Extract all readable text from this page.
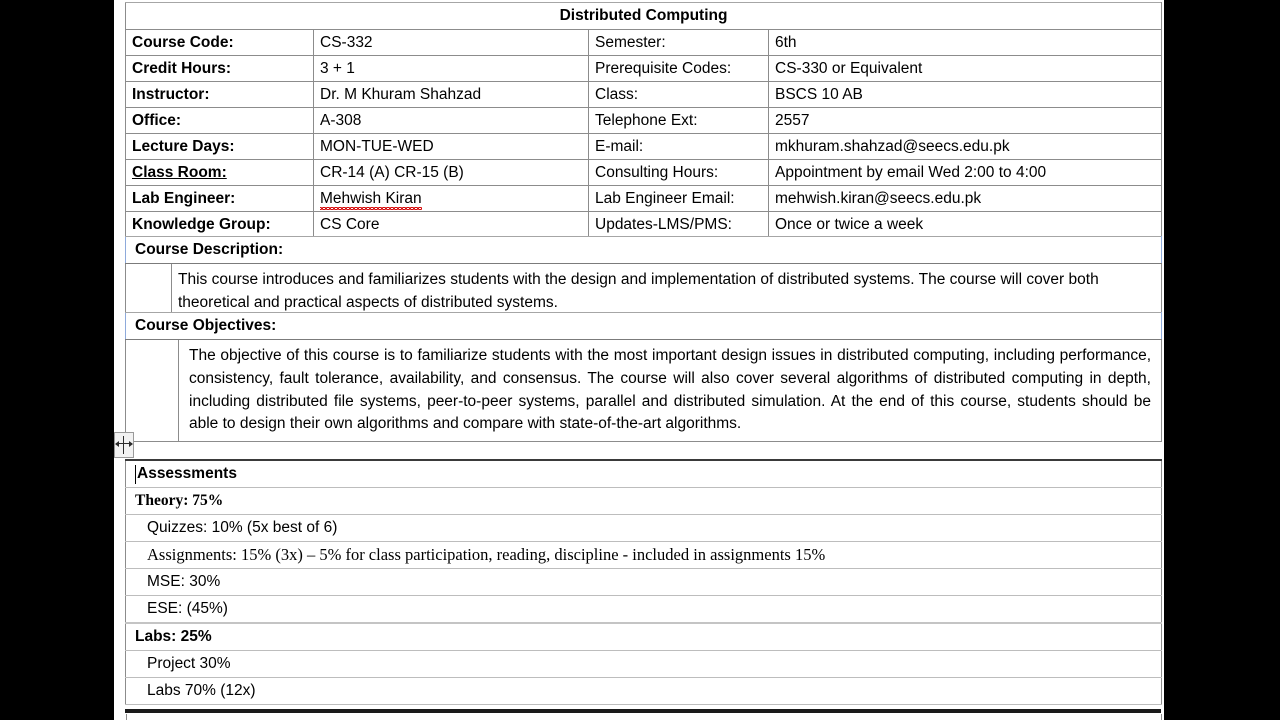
Distributed Computing			
Course Code:	CS-332	Semester:	6th
Credit Hours:	3 + 1	Prerequisite Codes:	CS-330 or Equivalent
Instructor:	Dr. M Khuram Shahzad	Class:	BSCS 10 AB
Office:	A-308	Telephone Ext:	2557
Lecture Days:	MON-TUE-WED	E-mail:	mkhuram.shahzad@seecs.edu.pk
Class Room:	CR-14 (A) CR-15 (B)	Consulting Hours:	Appointment by email Wed 2:00 to 4:00
Lab Engineer:	Mehwish Kiran	Lab Engineer Email:	mehwish.kiran@seecs.edu.pk
Knowledge Group:	CS Core	Updates-LMS/PMS:	Once or twice a week
Course Description:

This course introduces and familiarizes students with the design and implementation of distributed systems. The course will cover both theoretical and practical aspects of distributed systems.
Course Objectives:

The objective of this course is to familiarize students with the most important design issues in distributed computing, including performance, consistency, fault tolerance, availability, and consensus. The course will also cover several algorithms of distributed computing in depth, including distributed file systems, peer-to-peer systems, parallel and distributed simulation. At the end of this course, students should be able to design their own algorithms and compare with state-of-the-art algorithms.
Assessments
Theory: 75%
Quizzes: 10% (5x best of 6)
Assignments: 15% (3x) – 5% for class participation, reading, discipline - included in assignments 15%
MSE: 30%
ESE: (45%)
Labs: 25%
Project 30%
Labs 70% (12x)
